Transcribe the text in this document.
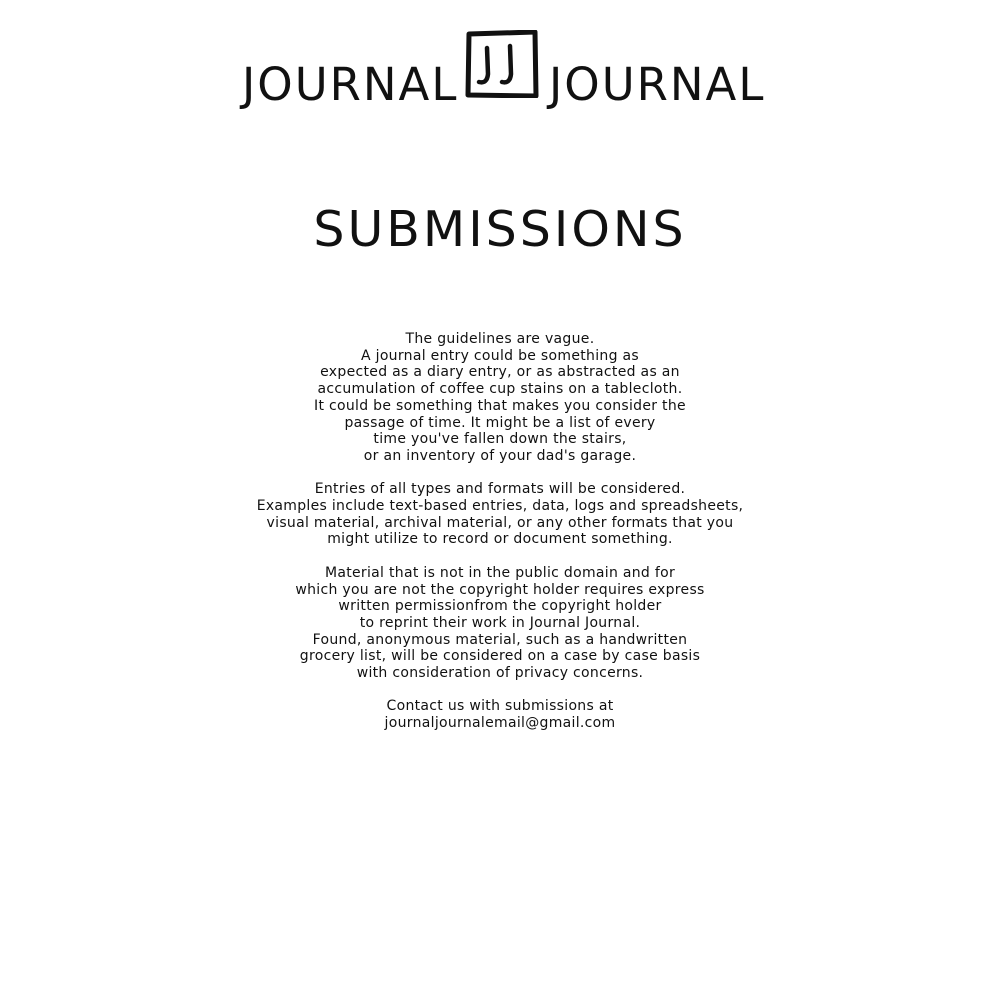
JOURNAL JOURNAL
SUBMISSIONS
The guidelines are vague.
A journal entry could be something as
expected as a diary entry, or as abstracted as an
accumulation of coffee cup stains on a tablecloth.
It could be something that makes you consider the
passage of time. It might be a list of every
time you've fallen down the stairs,
or an inventory of your dad's garage.
Entries of all types and formats will be considered.
Examples include text-based entries, data, logs and spreadsheets,
visual material, archival material, or any other formats that you
might utilize to record or document something.
Material that is not in the public domain and for
which you are not the copyright holder requires express
written permissionfrom the copyright holder
to reprint their work in Journal Journal.
Found, anonymous material, such as a handwritten
grocery list, will be considered on a case by case basis
with consideration of privacy concerns.
Contact us with submissions at
journaljournalemail@gmail.com
